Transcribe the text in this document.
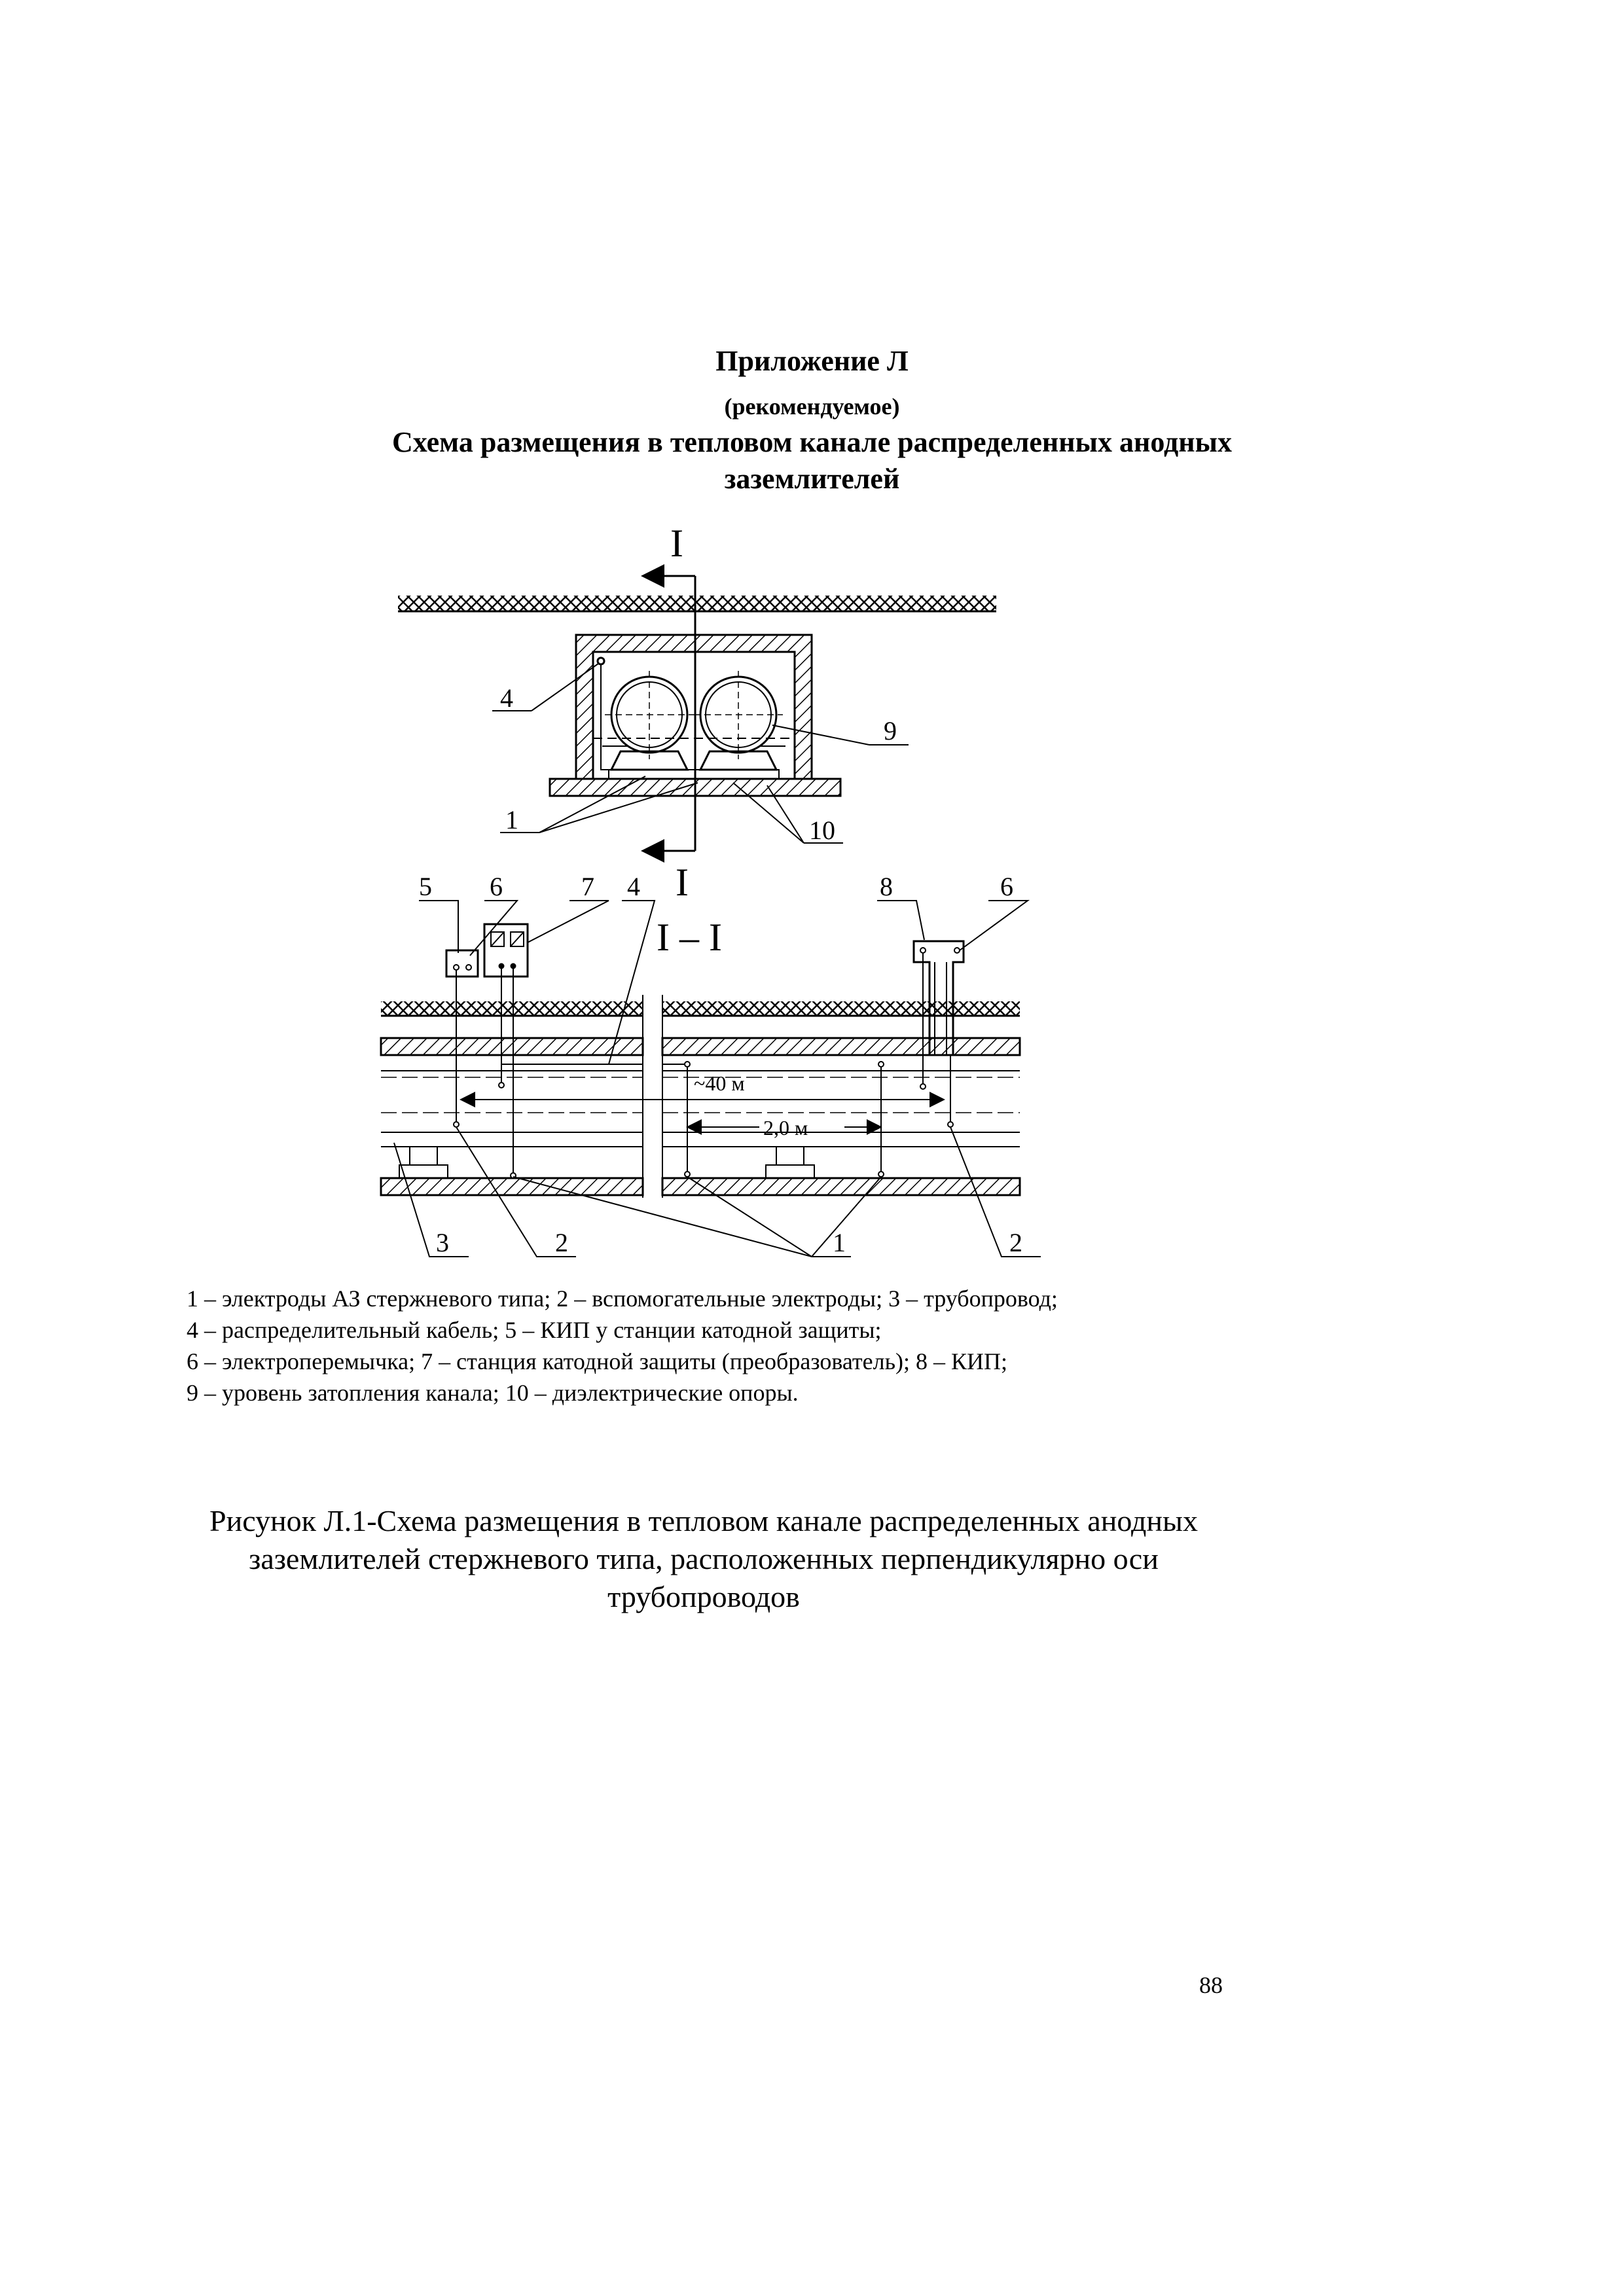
I
I
4
9
1	10
I – I
5 6	7 4	8	6
~40 м
2,0 м
3	2	1	2
Приложение Л
(рекомендуемое)
Схема размещения в тепловом канале распределенных анодных
заземлителей
1 – электроды АЗ стержневого типа; 2 – вспомогательные электроды; 3 – трубопровод;
4 – распределительный кабель; 5 – КИП у станции катодной защиты;
6 – электроперемычка; 7 – станция катодной защиты (преобразователь); 8 – КИП;
9 – уровень затопления канала; 10 – диэлектрические опоры.
Рисунок Л.1-Схема размещения в тепловом канале распределенных анодных
заземлителей стержневого типа, расположенных перпендикулярно оси
трубопроводов
88
